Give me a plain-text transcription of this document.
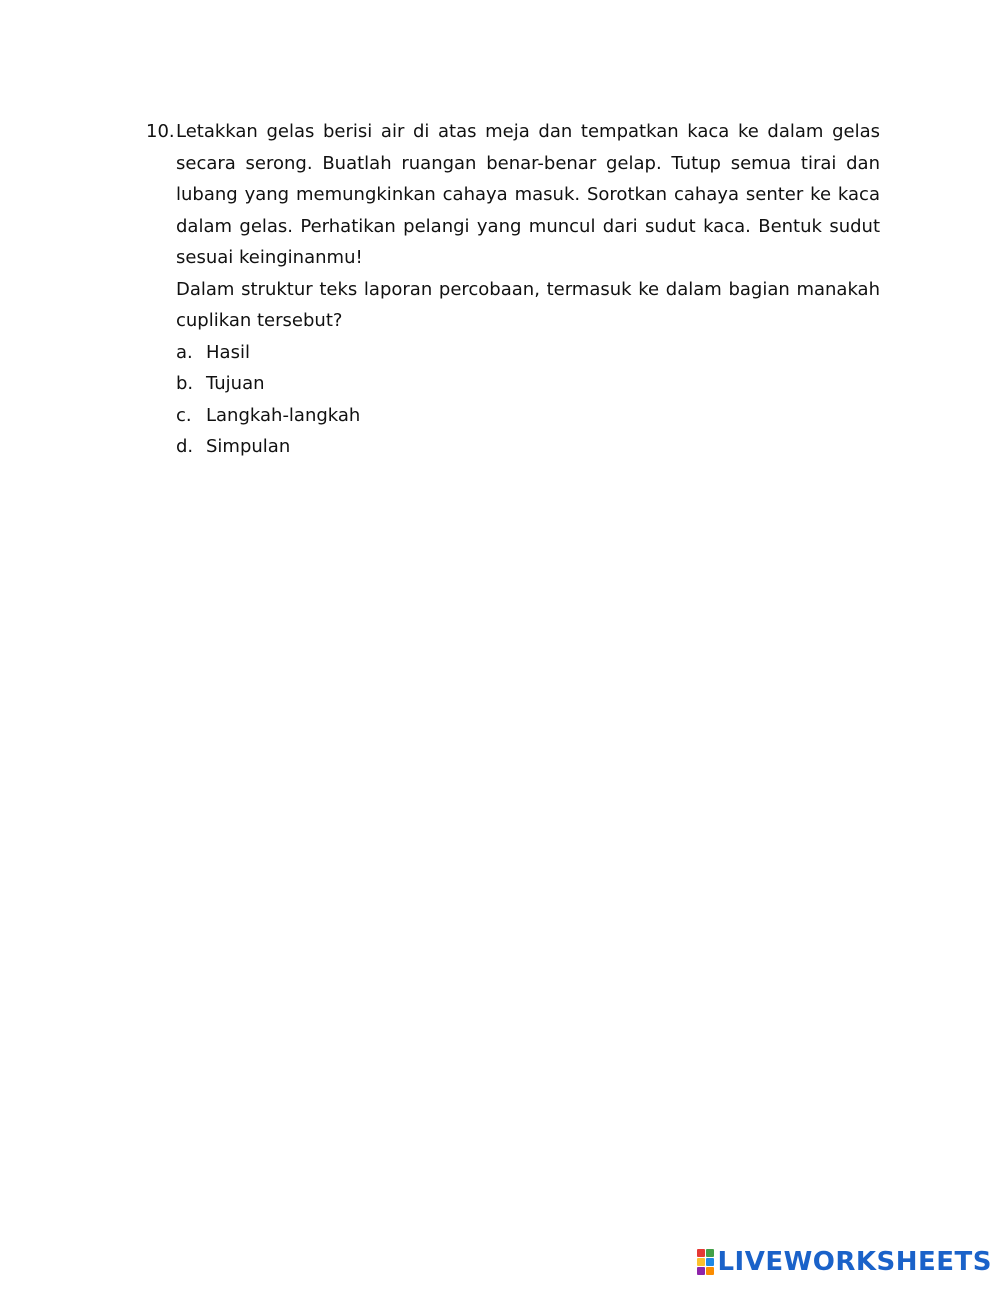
10. Letakkan gelas berisi air di atas meja dan tempatkan kaca ke dalam gelas secara serong. Buatlah ruangan benar-benar gelap. Tutup semua tirai dan lubang yang memungkinkan cahaya masuk. Sorotkan cahaya senter ke kaca dalam gelas. Perhatikan pelangi yang muncul dari sudut kaca. Bentuk sudut sesuai keinginanmu!

Dalam struktur teks laporan percobaan, termasuk ke dalam bagian manakah cuplikan tersebut?

a. Hasil
b. Tujuan
c. Langkah-langkah
d. Simpulan
LIVEWORKSHEETS
